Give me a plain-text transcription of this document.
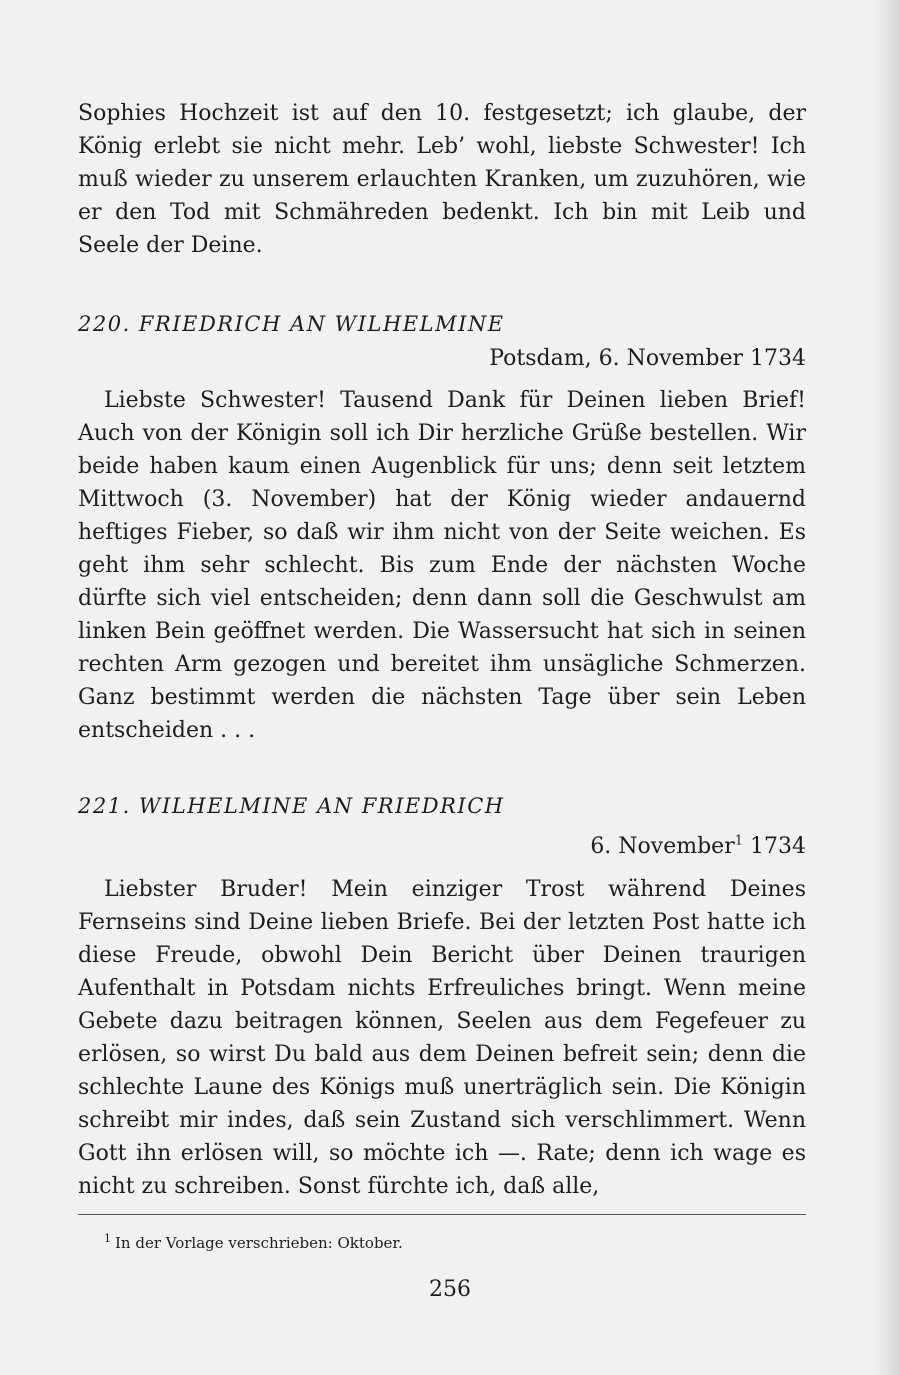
Sophies Hochzeit ist auf den 10. festgesetzt; ich glaube, der König erlebt sie nicht mehr. Leb’ wohl, liebste Schwester! Ich muß wieder zu unserem erlauchten Kranken, um zuzuhören, wie er den Tod mit Schmähreden bedenkt. Ich bin mit Leib und Seele der Deine.

220. FRIEDRICH AN WILHELMINE

Potsdam, 6. November 1734

Liebste Schwester! Tausend Dank für Deinen lieben Brief! Auch von der Königin soll ich Dir herzliche Grüße bestellen. Wir beide haben kaum einen Augenblick für uns; denn seit letztem Mittwoch (3. November) hat der König wieder andauernd heftiges Fieber, so daß wir ihm nicht von der Seite weichen. Es geht ihm sehr schlecht. Bis zum Ende der nächsten Woche dürfte sich viel entscheiden; denn dann soll die Geschwulst am linken Bein geöffnet werden. Die Wassersucht hat sich in seinen rechten Arm gezogen und bereitet ihm unsägliche Schmerzen. Ganz bestimmt werden die nächsten Tage über sein Leben entscheiden . . .

221. WILHELMINE AN FRIEDRICH

6. November$^1$ 1734

Liebster Bruder! Mein einziger Trost während Deines Fernseins sind Deine lieben Briefe. Bei der letzten Post hatte ich diese Freude, obwohl Dein Bericht über Deinen traurigen Aufenthalt in Potsdam nichts Erfreuliches bringt. Wenn meine Gebete dazu beitragen können, Seelen aus dem Fegefeuer zu erlösen, so wirst Du bald aus dem Deinen befreit sein; denn die schlechte Laune des Königs muß unerträglich sein. Die Königin schreibt mir indes, daß sein Zustand sich verschlimmert. Wenn Gott ihn erlösen will, so möchte ich —. Rate; denn ich wage es nicht zu schreiben. Sonst fürchte ich, daß alle,

$^1$ In der Vorlage verschrieben: Oktober.

256
